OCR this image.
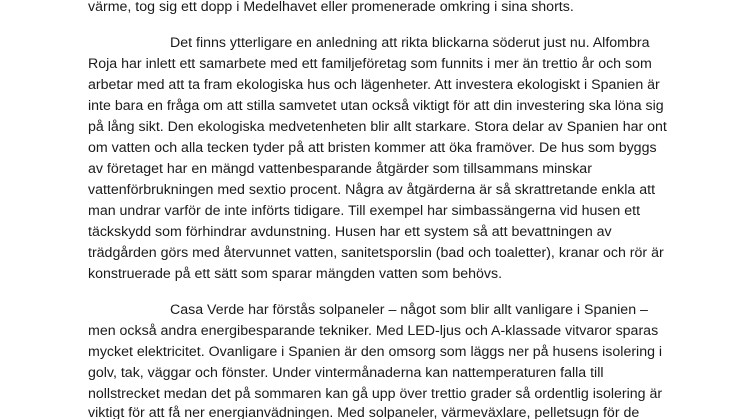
värme, tog sig ett dopp i Medelhavet eller promenerade omkring i sina shorts.
Det finns ytterligare en anledning att rikta blickarna söderut just nu. Alfombra
Roja har inlett ett samarbete med ett familjeföretag som funnits i mer än trettio år och som
arbetar med att ta fram ekologiska hus och lägenheter. Att investera ekologiskt i Spanien är
inte bara en fråga om att stilla samvetet utan också viktigt för att din investering ska löna sig
på lång sikt. Den ekologiska medvetenheten blir allt starkare. Stora delar av Spanien har ont
om vatten och alla tecken tyder på att bristen kommer att öka framöver. De hus som byggs
av företaget har en mängd vattenbesparande åtgärder som tillsammans minskar
vattenförbrukningen med sextio procent. Några av åtgärderna är så skrattretande enkla att
man undrar varför de inte införts tidigare. Till exempel har simbassängerna vid husen ett
täckskydd som förhindrar avdunstning. Husen har ett system så att bevattningen av
trädgården görs med återvunnet vatten, sanitetsporslin (bad och toaletter), kranar och rör är
konstruerade på ett sätt som sparar mängden vatten som behövs.
Casa Verde har förstås solpaneler – något som blir allt vanligare i Spanien –
men också andra energibesparande tekniker. Med LED-ljus och A-klassade vitvaror sparas
mycket elektricitet. Ovanligare i Spanien är den omsorg som läggs ner på husens isolering i
golv, tak, väggar och fönster. Under vintermånaderna kan nattemperaturen falla till
nollstrecket medan det på sommaren kan gå upp över trettio grader så ordentlig isolering är
viktigt för att få ner energianvädningen. Med solpaneler, värmeväxlare, pelletsugn för de
